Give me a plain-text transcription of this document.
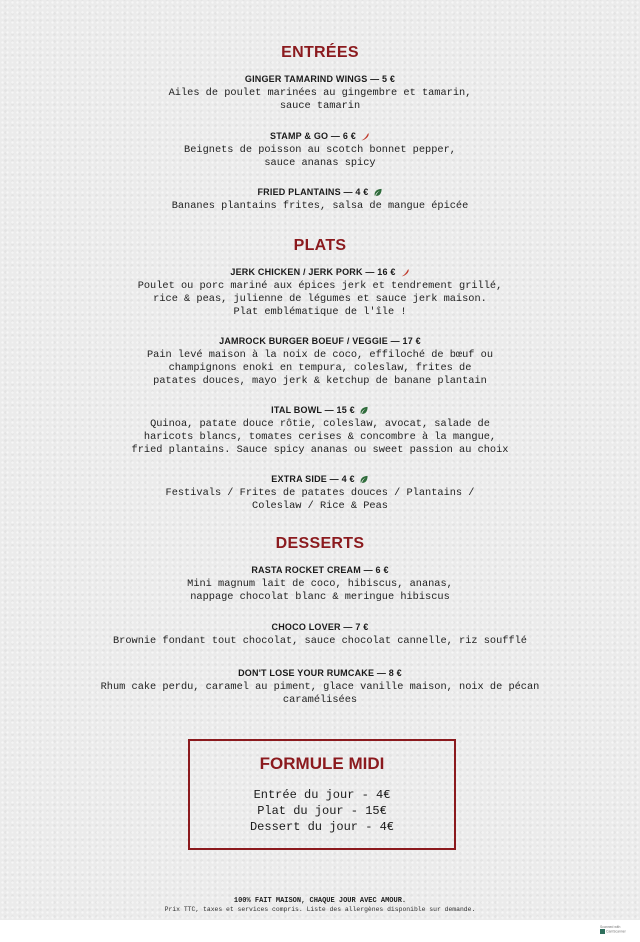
ENTRÉES
GINGER TAMARIND WINGS — 5 €
Ailes de poulet marinées au gingembre et tamarin,
sauce tamarin
STAMP & GO — 6 €
Beignets de poisson au scotch bonnet pepper,
sauce ananas spicy
FRIED PLANTAINS — 4 €
Bananes plantains frites, salsa de mangue épicée
PLATS
JERK CHICKEN / JERK PORK — 16 €
Poulet ou porc mariné aux épices jerk et tendrement grillé,
rice & peas, julienne de légumes et sauce jerk maison.
Plat emblématique de l'île !
JAMROCK BURGER BOEUF / VEGGIE — 17 €
Pain levé maison à la noix de coco, effiloché de bœuf ou
champignons enoki en tempura, coleslaw, frites de
patates douces, mayo jerk & ketchup de banane plantain
ITAL BOWL — 15 €
Quinoa, patate douce rôtie, coleslaw, avocat, salade de
haricots blancs, tomates cerises & concombre à la mangue,
fried plantains. Sauce spicy ananas ou sweet passion au choix
EXTRA SIDE — 4 €
Festivals / Frites de patates douces / Plantains /
Coleslaw / Rice & Peas
DESSERTS
RASTA ROCKET CREAM — 6 €
Mini magnum lait de coco, hibiscus, ananas,
nappage chocolat blanc & meringue hibiscus
CHOCO LOVER — 7 €
Brownie fondant tout chocolat, sauce chocolat cannelle, riz soufflé
DON'T LOSE YOUR RUMCAKE — 8 €
Rhum cake perdu, caramel au piment, glace vanille maison, noix de pécan
caramélisées
FORMULE MIDI
Entrée du jour - 4€
Plat du jour - 15€
Dessert du jour - 4€
100% FAIT MAISON, CHAQUE JOUR AVEC AMOUR.
Prix TTC, taxes et services compris. Liste des allergènes disponible sur demande.
Scanned with
CamScanner
